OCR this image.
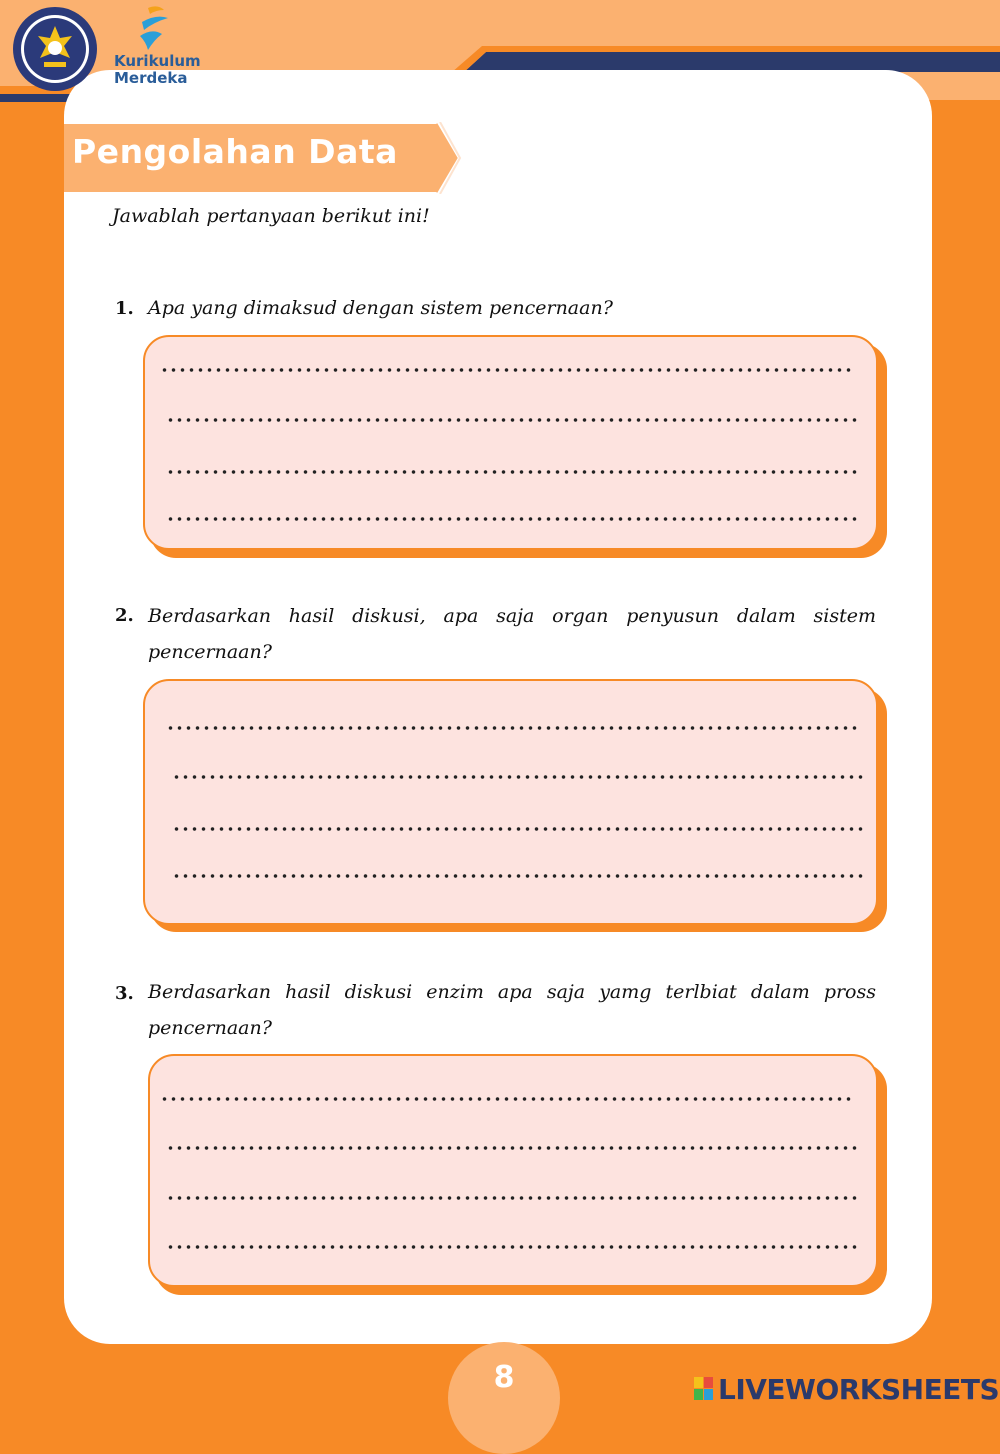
Kurikulum
Merdeka
Pengolahan Data
Jawablah pertanyaan berikut ini!
1. Apa yang dimaksud dengan sistem pencernaan?
2. Berdasarkan hasil diskusi, apa saja organ penyusun dalam sistem pencernaan?
3. Berdasarkan hasil diskusi enzim apa saja yamg terlbiat dalam pross pencernaan?
8	LIVEWORKSHEETS
